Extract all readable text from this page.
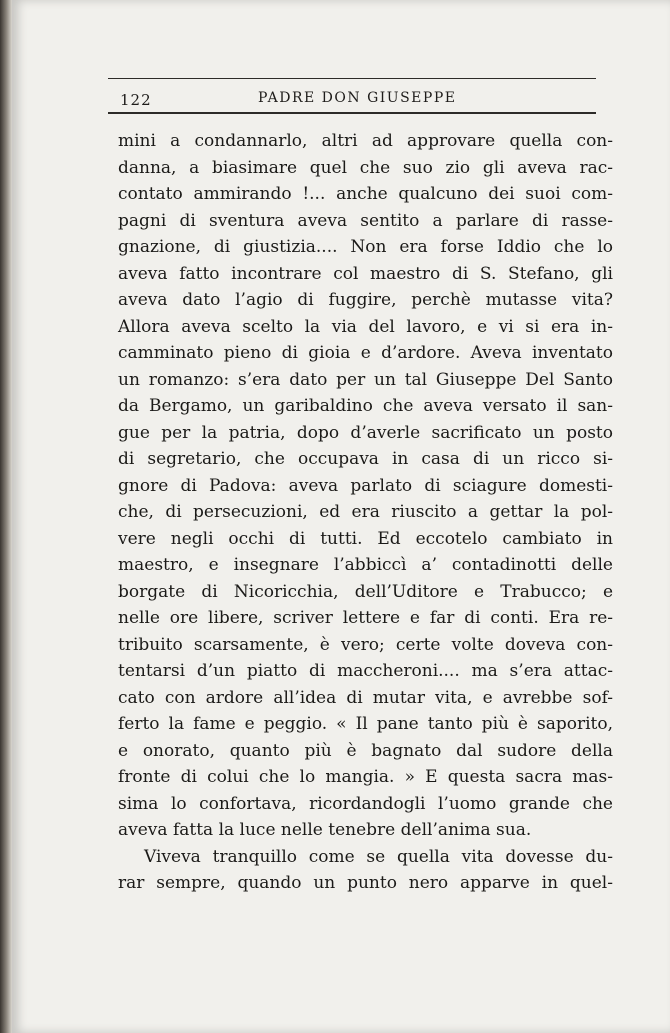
122	PADRE DON GIUSEPPE
mini a condannarlo, altri ad approvare quella con-
danna, a biasimare quel che suo zio gli aveva rac-
contato ammirando !... anche qualcuno dei suoi com-
pagni di sventura aveva sentito a parlare di rasse-
gnazione, di giustizia.... Non era forse Iddio che lo
aveva fatto incontrare col maestro di S. Stefano, gli
aveva dato l’agio di fuggire, perchè mutasse vita?
Allora aveva scelto la via del lavoro, e vi si era in-
camminato pieno di gioia e d’ardore. Aveva inventato
un romanzo: s’era dato per un tal Giuseppe Del Santo
da Bergamo, un garibaldino che aveva versato il san-
gue per la patria, dopo d’averle sacrificato un posto
di segretario, che occupava in casa di un ricco si-
gnore di Padova: aveva parlato di sciagure domesti-
che, di persecuzioni, ed era riuscito a gettar la pol-
vere negli occhi di tutti. Ed eccotelo cambiato in
maestro, e insegnare l’abbiccì a’ contadinotti delle
borgate di Nicoricchia, dell’Uditore e Trabucco; e
nelle ore libere, scriver lettere e far di conti. Era re-
tribuito scarsamente, è vero; certe volte doveva con-
tentarsi d’un piatto di maccheroni.... ma s’era attac-
cato con ardore all’idea di mutar vita, e avrebbe sof-
ferto la fame e peggio. « Il pane tanto più è saporito,
e onorato, quanto più è bagnato dal sudore della
fronte di colui che lo mangia. » E questa sacra mas-
sima lo confortava, ricordandogli l’uomo grande che
aveva fatta la luce nelle tenebre dell’anima sua.
Viveva tranquillo come se quella vita dovesse du-
rar sempre, quando un punto nero apparve in quel-
